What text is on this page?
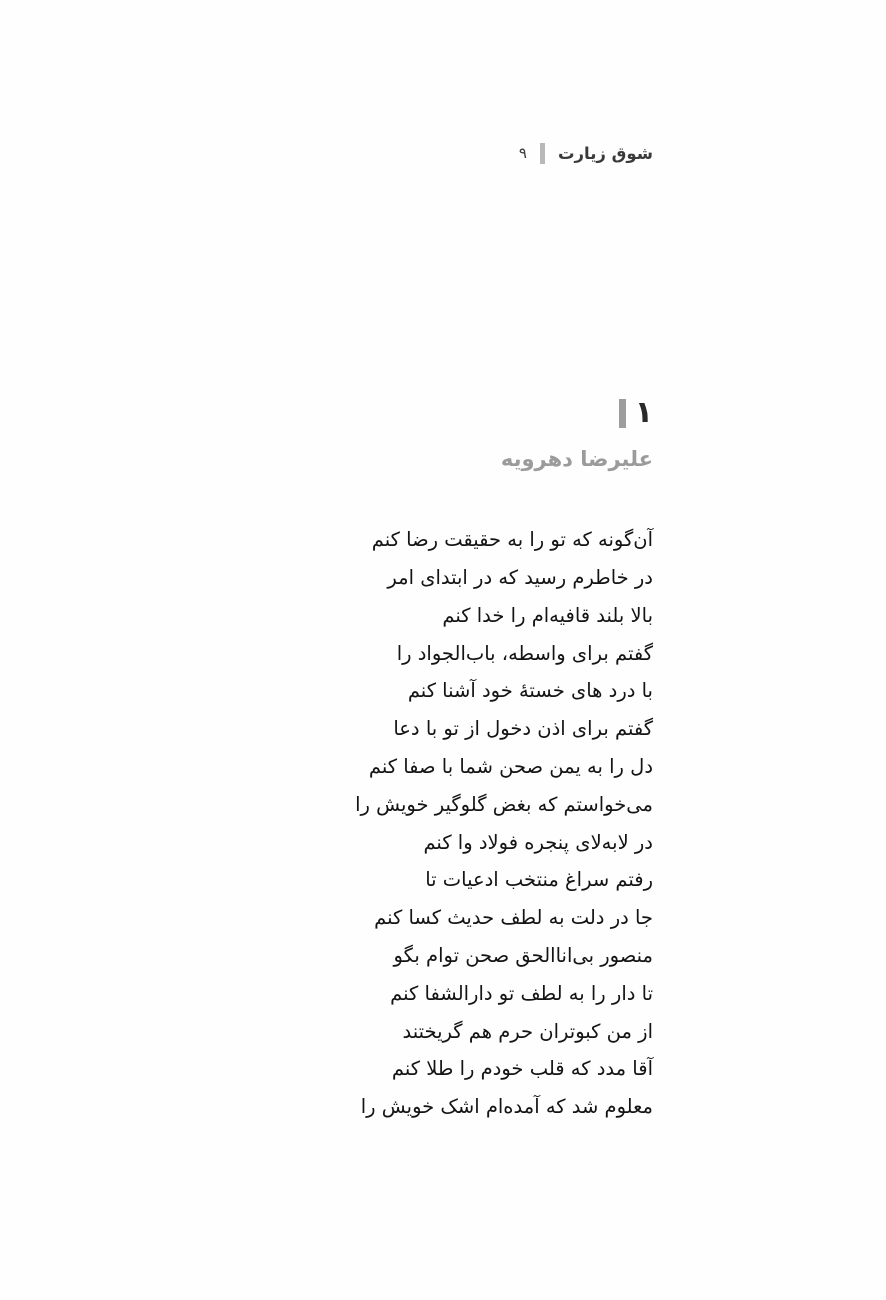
شوق زیارت
۹
۱
علیرضا دهرویه
آن‌گونه که تو را به حقیقت رضا کنم
در خاطرم رسید که در ابتدای امر
بالا بلند قافیه‌ام را خدا کنم
گفتم برای واسطه، باب‌الجواد را
با درد های خستۀ خود آشنا کنم
گفتم برای اذن دخول از تو با دعا
دل را به یمن صحن شما با صفا کنم
می‌خواستم که بغض گلوگیر خویش را
در لابه‌لای پنجره فولاد وا کنم
رفتم سراغ منتخب ادعیات تا
جا در دلت به لطف حدیث کسا کنم
منصور بی‌اناالحق صحن توام بگو
تا دار را به لطف تو دارالشفا کنم
از من کبوتران حرم هم گریختند
آقا مدد که قلب خودم را طلا کنم
معلوم شد که آمده‌ام اشک خویش را
